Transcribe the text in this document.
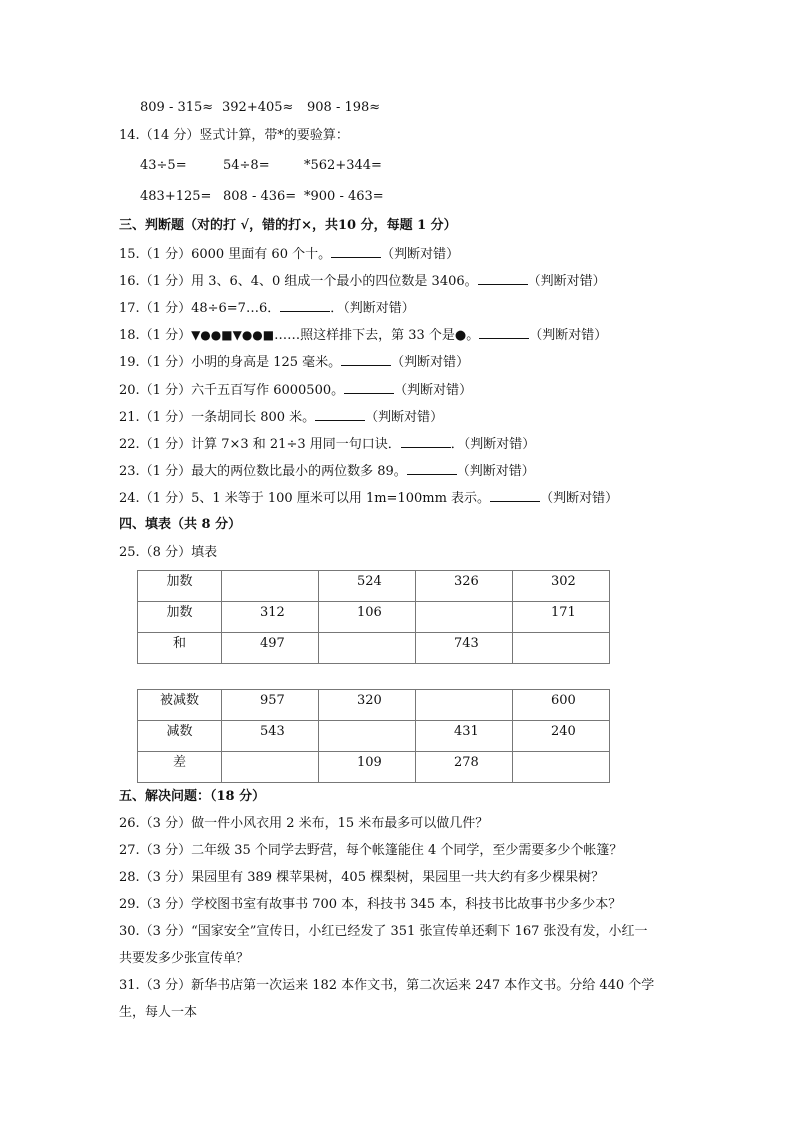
809 - 315≈ 392+405≈ 908 - 198≈
14.（14 分）竖式计算，带*的要验算：
43÷5=	54÷8=	*562+344=
483+125= 808 - 436= *900 - 463=
三、判断题（对的打 √，错的打×，共10 分，每题 1 分）
15.（1 分）6000 里面有 60 个十。	（判断对错）
16.（1 分）用 3、6、4、0 组成一个最小的四位数是 3406。	（判断对错）
17.（1 分）48÷6=7…6．	．（判断对错）
18.（1 分）▼●●■▼●●■……照这样排下去，第 33 个是●。	（判断对错）
19.（1 分）小明的身高是 125 毫米。	（判断对错）
20.（1 分）六千五百写作 6000500。	（判断对错）
21.（1 分）一条胡同长 800 米。	（判断对错）
22.（1 分）计算 7×3 和 21÷3 用同一句口诀．	．（判断对错）
23.（1 分）最大的两位数比最小的两位数多 89。	（判断对错）
24.（1 分）5、1 米等于 100 厘米可以用 1m=100mm 表示。	（判断对错）
四、填表（共 8 分）
25.（8 分）填表
加数		524	326	302

加数	312	106		171

和	497		743	

被减数	957	320		600

减数	543		431	240

差		109	278	

五、解决问题：（18 分）
26.（3 分）做一件小风衣用 2 米布，15 米布最多可以做几件？
27.（3 分）二年级 35 个同学去野营，每个帐篷能住 4 个同学，至少需要多少个帐篷？
28.（3 分）果园里有 389 棵苹果树，405 棵梨树，果园里一共大约有多少棵果树？
29.（3 分）学校图书室有故事书 700 本，科技书 345 本，科技书比故事书少多少本？
30.（3 分）“国家安全”宣传日，小红已经发了 351 张宣传单还剩下 167 张没有发，小红一
共要发多少张宣传单？
31.（3 分）新华书店第一次运来 182 本作文书，第二次运来 247 本作文书。分给 440 个学
生，每人一本
